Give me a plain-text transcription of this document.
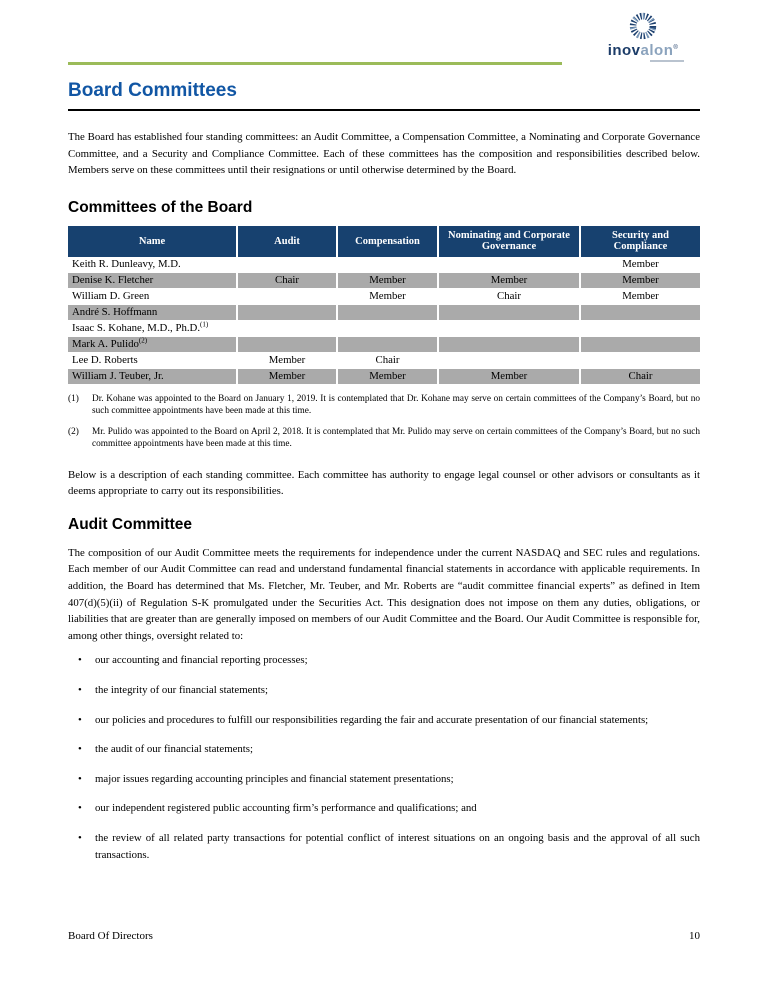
inovalon®
Board Committees

The Board has established four standing committees: an Audit Committee, a Compensation Committee, a Nominating and Corporate Governance Committee, and a Security and Compliance Committee. Each of these committees has the composition and responsibilities described below. Members serve on these committees until their resignations or until otherwise determined by the Board.

Committees of the Board
Name	Audit	Compensation	Nominating and Corporate Governance	Security and Compliance
Keith R. Dunleavy, M.D.				Member
Denise K. Fletcher	Chair	Member	Member	Member
William D. Green		Member	Chair	Member
André S. Hoffmann				
Isaac S. Kohane, M.D., Ph.D.$^{(1)}$				
Mark A. Pulido$^{(2)}$				
Lee D. Roberts	Member	Chair		
William J. Teuber, Jr.	Member	Member	Member	Chair
(1)	Dr. Kohane was appointed to the Board on January 1, 2019. It is contemplated that Dr. Kohane may serve on certain committees of the Company’s Board, but no such committee appointments have been made at this time.
(2)	Mr. Pulido was appointed to the Board on April 2, 2018. It is contemplated that Mr. Pulido may serve on certain committees of the Company’s Board, but no such committee appointments have been made at this time.

Below is a description of each standing committee. Each committee has authority to engage legal counsel or other advisors or consultants as it deems appropriate to carry out its responsibilities.

Audit Committee

The composition of our Audit Committee meets the requirements for independence under the current NASDAQ and SEC rules and regulations. Each member of our Audit Committee can read and understand fundamental financial statements in accordance with applicable requirements. In addition, the Board has determined that Ms. Fletcher, Mr. Teuber, and Mr. Roberts are “audit committee financial experts” as defined in Item 407(d)(5)(ii) of Regulation S‑K promulgated under the Securities Act. This designation does not impose on them any duties, obligations, or liabilities that are greater than are generally imposed on members of our Audit Committee and the Board. Our Audit Committee is responsible for, among other things, oversight related to:

•	our accounting and financial reporting processes;
•	the integrity of our financial statements;
•	our policies and procedures to fulfill our responsibilities regarding the fair and accurate presentation of our financial statements;
•	the audit of our financial statements;
•	major issues regarding accounting principles and financial statement presentations;
•	our independent registered public accounting firm’s performance and qualifications; and
•	the review of all related party transactions for potential conflict of interest situations on an ongoing basis and the approval of all such transactions.
Board Of Directors	10
